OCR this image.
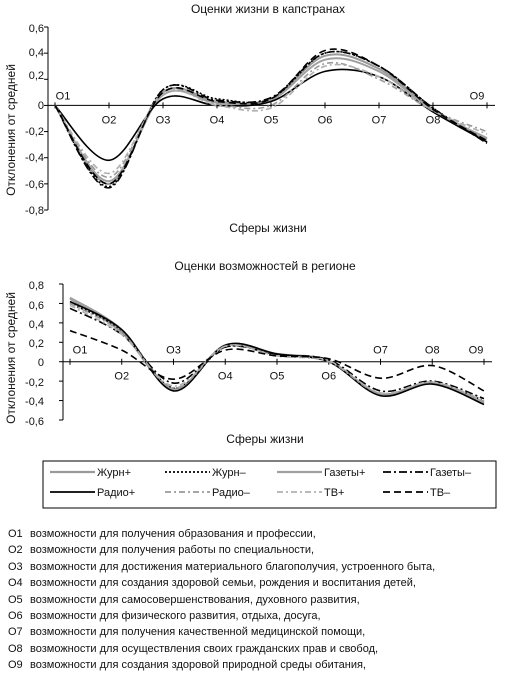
Оценки жизни в капстранах
Отклонения от средней
Сферы жизни
0,6
0,4
0,2
0
-0,2
-0,4
-0,6
-0,8
Оценки возможностей в регионе
Отклонения от средней
Сферы жизни
0,8
0,6
0,4
0,2
0
-0,2
-0,4
-0,6
Журн+	Журн–	Газеты+	Газеты–
Радио+	Радио–	ТВ+	ТВ–
О1
О2	О3	О4	О5	О6	О7	О8
О9
О1
О2
О3
О4	О5	О6
О7	О8	О9
О1 возможности для получения образования и профессии,
О2 возможности для получения работы по специальности,
О3 возможности для достижения материального благополучия, устроенного быта,
О4 возможности для создания здоровой семьи, рождения и воспитания детей,
О5 возможности для самосовершенствования, духовного развития,
О6 возможности для физического развития, отдыха, досуга,
О7 возможности для получения качественной медицинской помощи,
О8 возможности для осуществления своих гражданских прав и свобод,
О9 возможности для создания здоровой природной среды обитания,
